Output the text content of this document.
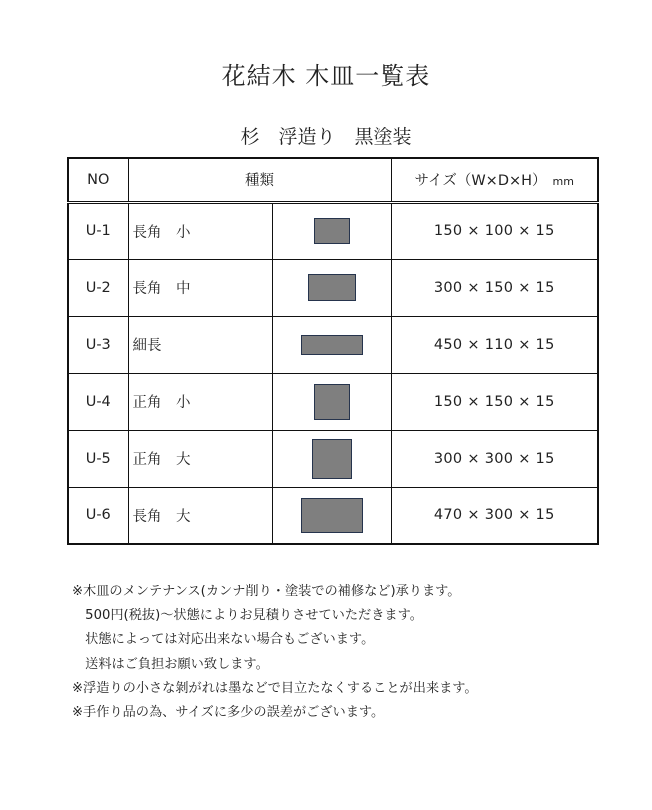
花結木 木皿一覧表
杉　浮造り　黒塗装
NO	種類		サイズ（W×D×H） mm
U-1	長角　小		150 × 100 × 15
U-2	長角　中		300 × 150 × 15
U-3	細長		450 × 110 × 15
U-4	正角　小		150 × 150 × 15
U-5	正角　大		300 × 300 × 15
U-6	長角　大		470 × 300 × 15
※木皿のメンテナンス(カンナ削り・塗装での補修など)承ります。
　500円(税抜)〜状態によりお見積りさせていただきます。
　状態によっては対応出来ない場合もございます。
　送料はご負担お願い致します。
※浮造りの小さな剝がれは墨などで目立たなくすることが出来ます。
※手作り品の為、サイズに多少の誤差がございます。
